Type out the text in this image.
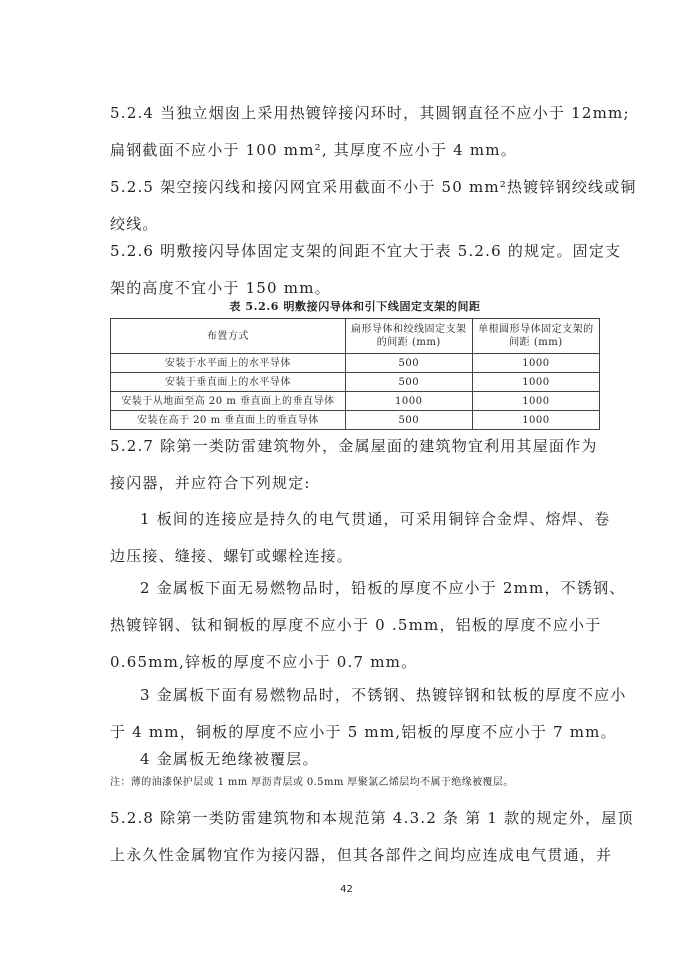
5.2.4 当独立烟囱上采用热镀锌接闪环时，其圆钢直径不应小于 12mm;
扁钢截面不应小于 100 mm², 其厚度不应小于 4 mm。

5.2.5 架空接闪线和接闪网宜采用截面不小于 50 mm²热镀锌钢绞线或铜
绞线。

5.2.6 明敷接闪导体固定支架的间距不宜大于表 5.2.6 的规定。固定支
架的高度不宜小于 150 mm。

表 5.2.6 明敷接闪导体和引下线固定支架的间距
布置方式	扁形导体和绞线固定支架的间距 (mm)	单根圆形导体固定支架的间距 (mm)
安装于水平面上的水平导体	500	1000
安装于垂直面上的水平导体	500	1000
安装于从地面至高 20 m 垂直面上的垂直导体	1000	1000
安装在高于 20 m 垂直面上的垂直导体	500	1000

5.2.7 除第一类防雷建筑物外，金属屋面的建筑物宜利用其屋面作为
接闪器，并应符合下列规定:

1 板间的连接应是持久的电气贯通，可采用铜锌合金焊、熔焊、卷
边压接、缝接、螺钉或螺栓连接。

2 金属板下面无易燃物品时，铅板的厚度不应小于 2mm，不锈钢、
热镀锌钢、钛和铜板的厚度不应小于 0 .5mm，铝板的厚度不应小于
0.65mm,锌板的厚度不应小于 0.7 mm。

3 金属板下面有易燃物品时，不锈钢、热镀锌钢和钛板的厚度不应小
于 4 mm，铜板的厚度不应小于 5 mm,铝板的厚度不应小于 7 mm。

4 金属板无绝缘被覆层。

注：薄的油漆保护层或 1 mm 厚沥青层或 0.5mm 厚聚氯乙烯层均不属于绝缘被覆层。

5.2.8 除第一类防雷建筑物和本规范第 4.3.2 条 第 1 款的规定外，屋顶
上永久性金属物宜作为接闪器，但其各部件之间均应连成电气贯通，并

42
